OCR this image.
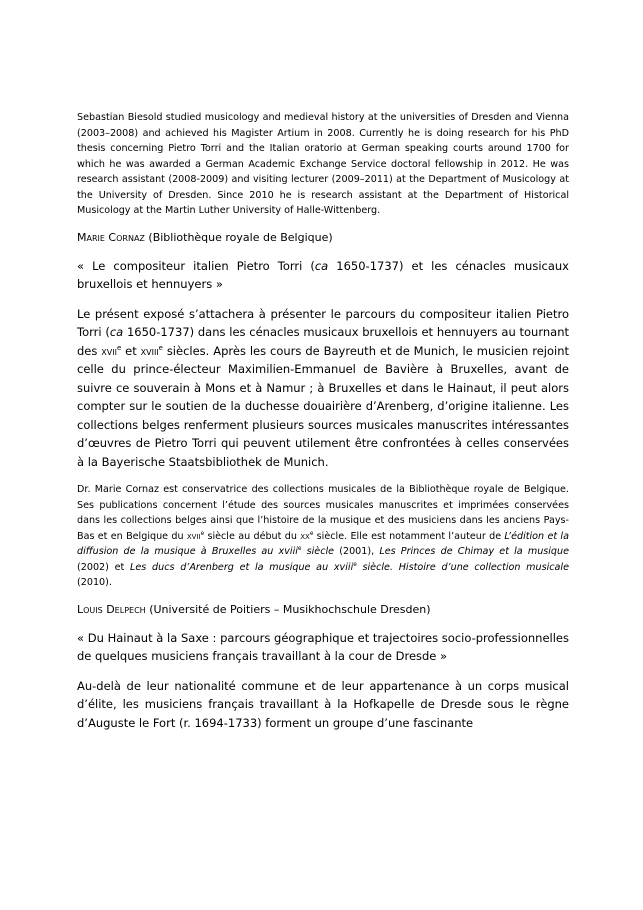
Sebastian Biesold studied musicology and medieval history at the universities of Dresden and Vienna (2003–2008) and achieved his Magister Artium in 2008. Currently he is doing research for his PhD thesis concerning Pietro Torri and the Italian oratorio at German speaking courts around 1700 for which he was awarded a German Academic Exchange Service doctoral fellowship in 2012. He was research assistant (2008-2009) and visiting lecturer (2009–2011) at the Department of Musicology at the University of Dresden. Since 2010 he is research assistant at the Department of Historical Musicology at the Martin Luther University of Halle-Wittenberg.

Marie Cornaz (Bibliothèque royale de Belgique)

« Le compositeur italien Pietro Torri (ca 1650-1737) et les cénacles musicaux bruxellois et hennuyers »

Le présent exposé s’attachera à présenter le parcours du compositeur italien Pietro Torri (ca 1650-1737) dans les cénacles musicaux bruxellois et hennuyers au tournant des xvii$^e$ et xviii$^e$ siècles. Après les cours de Bayreuth et de Munich, le musicien rejoint celle du prince-électeur Maximilien-Emmanuel de Bavière à Bruxelles, avant de suivre ce souverain à Mons et à Namur ; à Bruxelles et dans le Hainaut, il peut alors compter sur le soutien de la duchesse douairière d’Arenberg, d’origine italienne. Les collections belges renferment plusieurs sources musicales manuscrites intéressantes d’œuvres de Pietro Torri qui peuvent utilement être confrontées à celles conservées à la Bayerische Staatsbibliothek de Munich.

Dr. Marie Cornaz est conservatrice des collections musicales de la Bibliothèque royale de Belgique. Ses publications concernent l’étude des sources musicales manuscrites et imprimées conservées dans les collections belges ainsi que l’histoire de la musique et des musiciens dans les anciens Pays-Bas et en Belgique du xvii$^e$ siècle au début du $xx^e$ siècle. Elle est notamment l’auteur de L’édition et la diffusion de la musique à Bruxelles au xviii$^e$ siècle (2001), Les Princes de Chimay et la musique (2002) et Les ducs d’Arenberg et la musique au xviii$^e$ siècle. Histoire d’une collection musicale (2010).

Louis Delpech (Université de Poitiers – Musikhochschule Dresden)

« Du Hainaut à la Saxe : parcours géographique et trajectoires socio-professionnelles de quelques musiciens français travaillant à la cour de Dresde »

Au-delà de leur nationalité commune et de leur appartenance à un corps musical d’élite, les musiciens français travaillant à la Hofkapelle de Dresde sous le règne d’Auguste le Fort (r. 1694-1733) forment un groupe d’une fascinante
